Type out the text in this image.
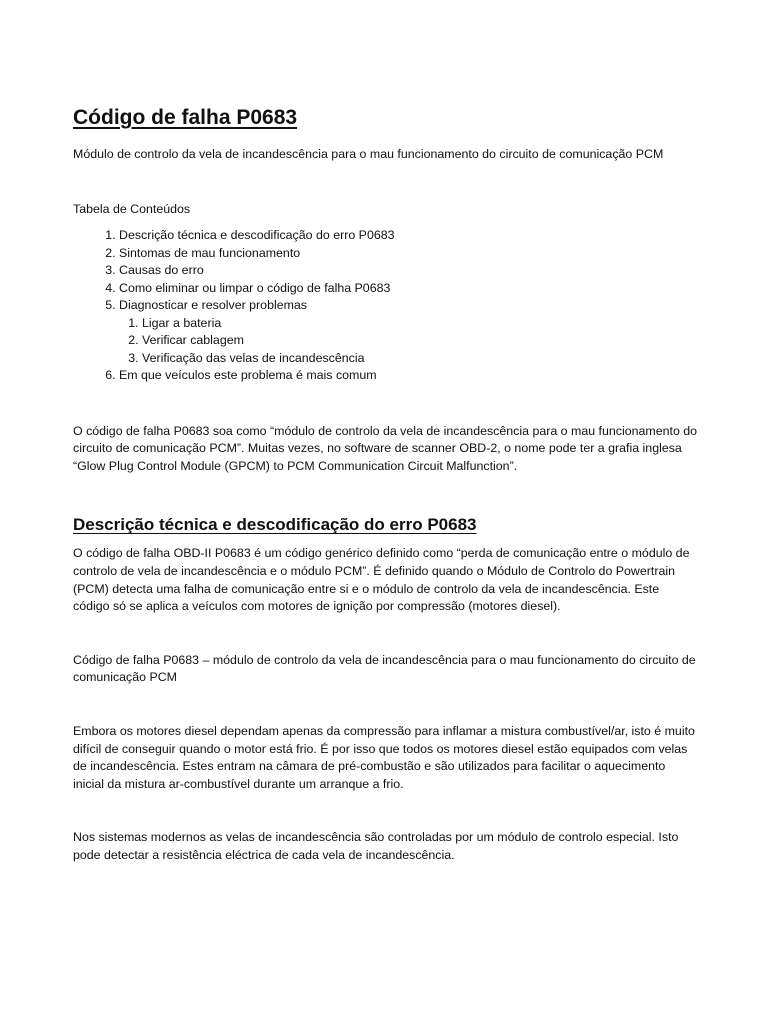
Código de falha P0683

Módulo de controlo da vela de incandescência para o mau funcionamento do circuito de comunicação PCM

Tabela de Conteúdos

1. Descrição técnica e descodificação do erro P0683
2. Sintomas de mau funcionamento
3. Causas do erro
4. Como eliminar ou limpar o código de falha P0683
5. Diagnosticar e resolver problemas
1. Ligar a bateria
2. Verificar cablagem
3. Verificação das velas de incandescência
6. Em que veículos este problema é mais comum

O código de falha P0683 soa como “módulo de controlo da vela de incandescência para o mau funcionamento do circuito de comunicação PCM”. Muitas vezes, no software de scanner OBD-2, o nome pode ter a grafia inglesa “Glow Plug Control Module (GPCM) to PCM Communication Circuit Malfunction”.

Descrição técnica e descodificação do erro P0683

O código de falha OBD-II P0683 é um código genérico definido como “perda de comunicação entre o módulo de controlo de vela de incandescência e o módulo PCM”. É definido quando o Módulo de Controlo do Powertrain (PCM) detecta uma falha de comunicação entre si e o módulo de controlo da vela de incandescência. Este código só se aplica a veículos com motores de ignição por compressão (motores diesel).

Código de falha P0683 – módulo de controlo da vela de incandescência para o mau funcionamento do circuito de comunicação PCM

Embora os motores diesel dependam apenas da compressão para inflamar a mistura combustível/ar, isto é muito difícil de conseguir quando o motor está frio. É por isso que todos os motores diesel estão equipados com velas de incandescência. Estes entram na câmara de pré-combustão e são utilizados para facilitar o aquecimento inicial da mistura ar-combustível durante um arranque a frio.

Nos sistemas modernos as velas de incandescência são controladas por um módulo de controlo especial. Isto pode detectar a resistência eléctrica de cada vela de incandescência.
